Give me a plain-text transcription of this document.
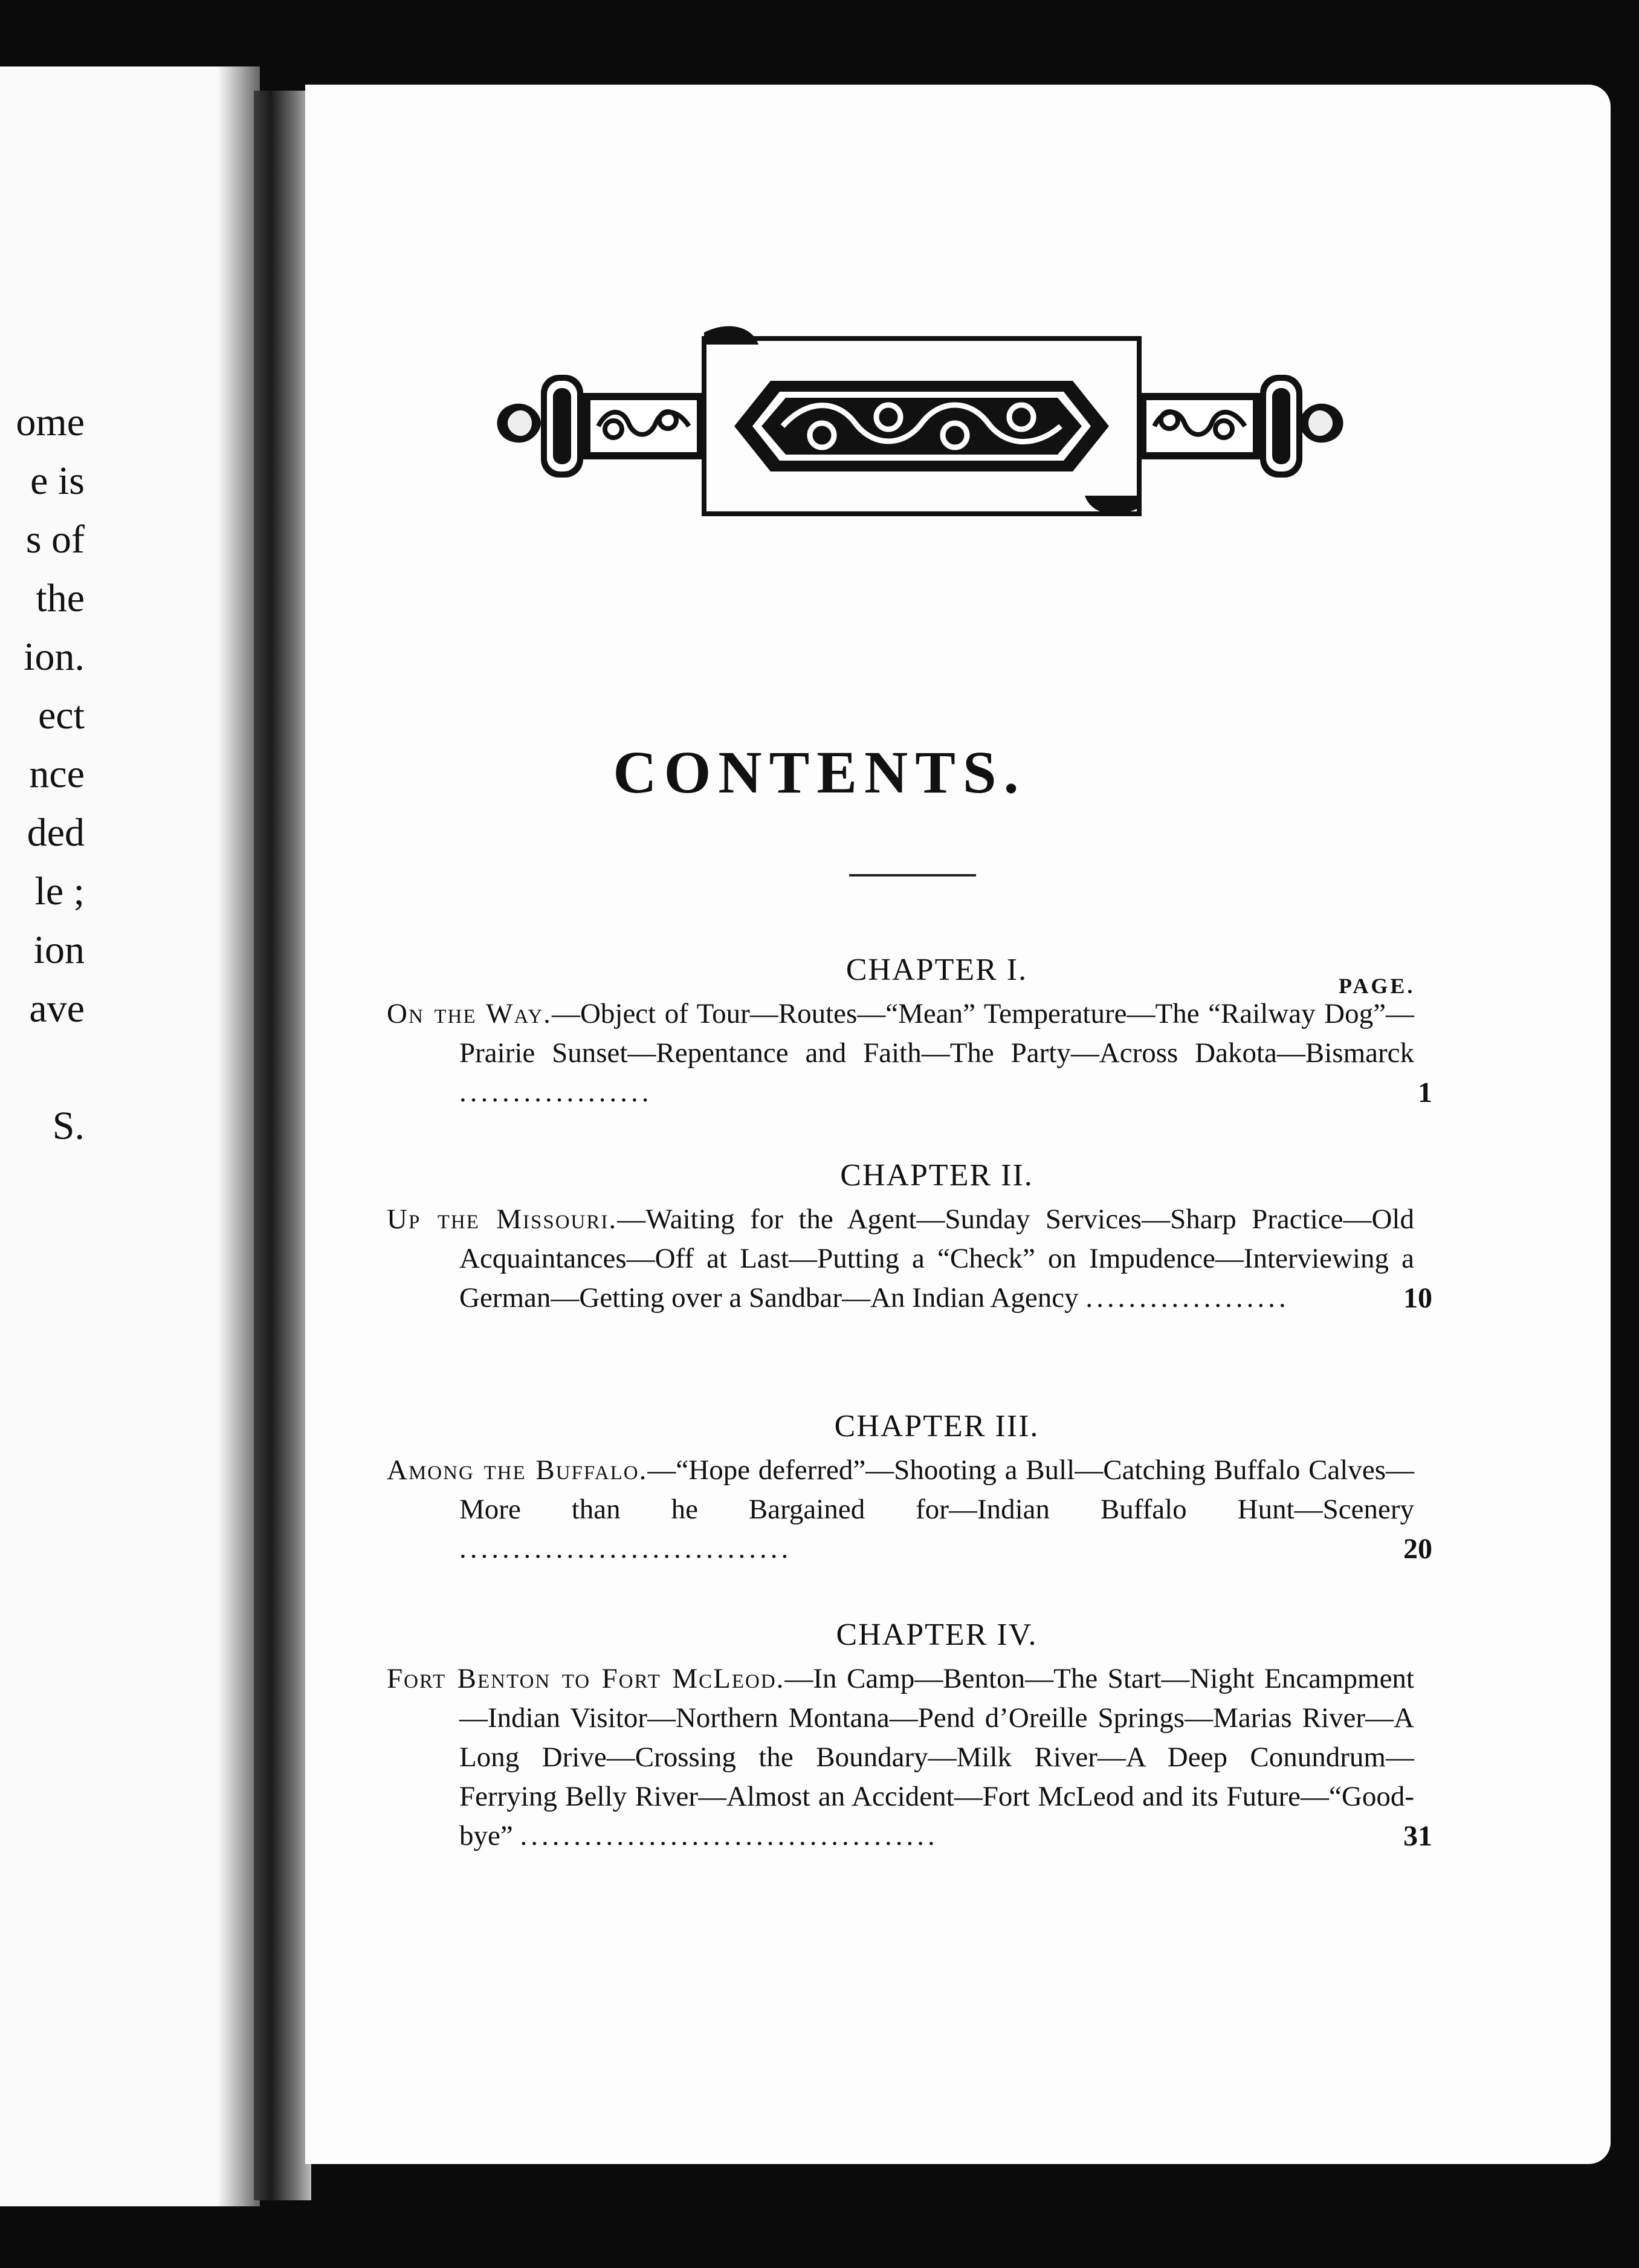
ome
e is
s of
the
ion.
ect
nce
ded
le ;
ion
ave
S.
CONTENTS.
PAGE.
CHAPTER I.
On the Way.—Object of Tour—Routes—“Mean” Temperature—The “Railway Dog”—Prairie Sunset—Repentance and Faith—The Party—Across Dakota—Bismarck ..................	1
CHAPTER II.
Up the Missouri.—Waiting for the Agent—Sunday Services—Sharp Practice—Old Acquaintances—Off at Last—Putting a “Check” on Impudence—Interviewing a German—Getting over a Sandbar—An Indian Agency ...................	10
CHAPTER III.
Among the Buffalo.—“Hope deferred”—Shooting a Bull—Catching Buffalo Calves—More than he Bargained for—Indian Buffalo Hunt—Scenery ...............................	20
CHAPTER IV.
Fort Benton to Fort McLeod.—In Camp—Benton—The Start—Night Encampment—Indian Visitor—Northern Montana—Pend d’Oreille Springs—Marias River—A Long Drive—Crossing the Boundary—Milk River—A Deep Conundrum—Ferrying Belly River—Almost an Accident—Fort McLeod and its Future—“Good-bye” .......................................	31
